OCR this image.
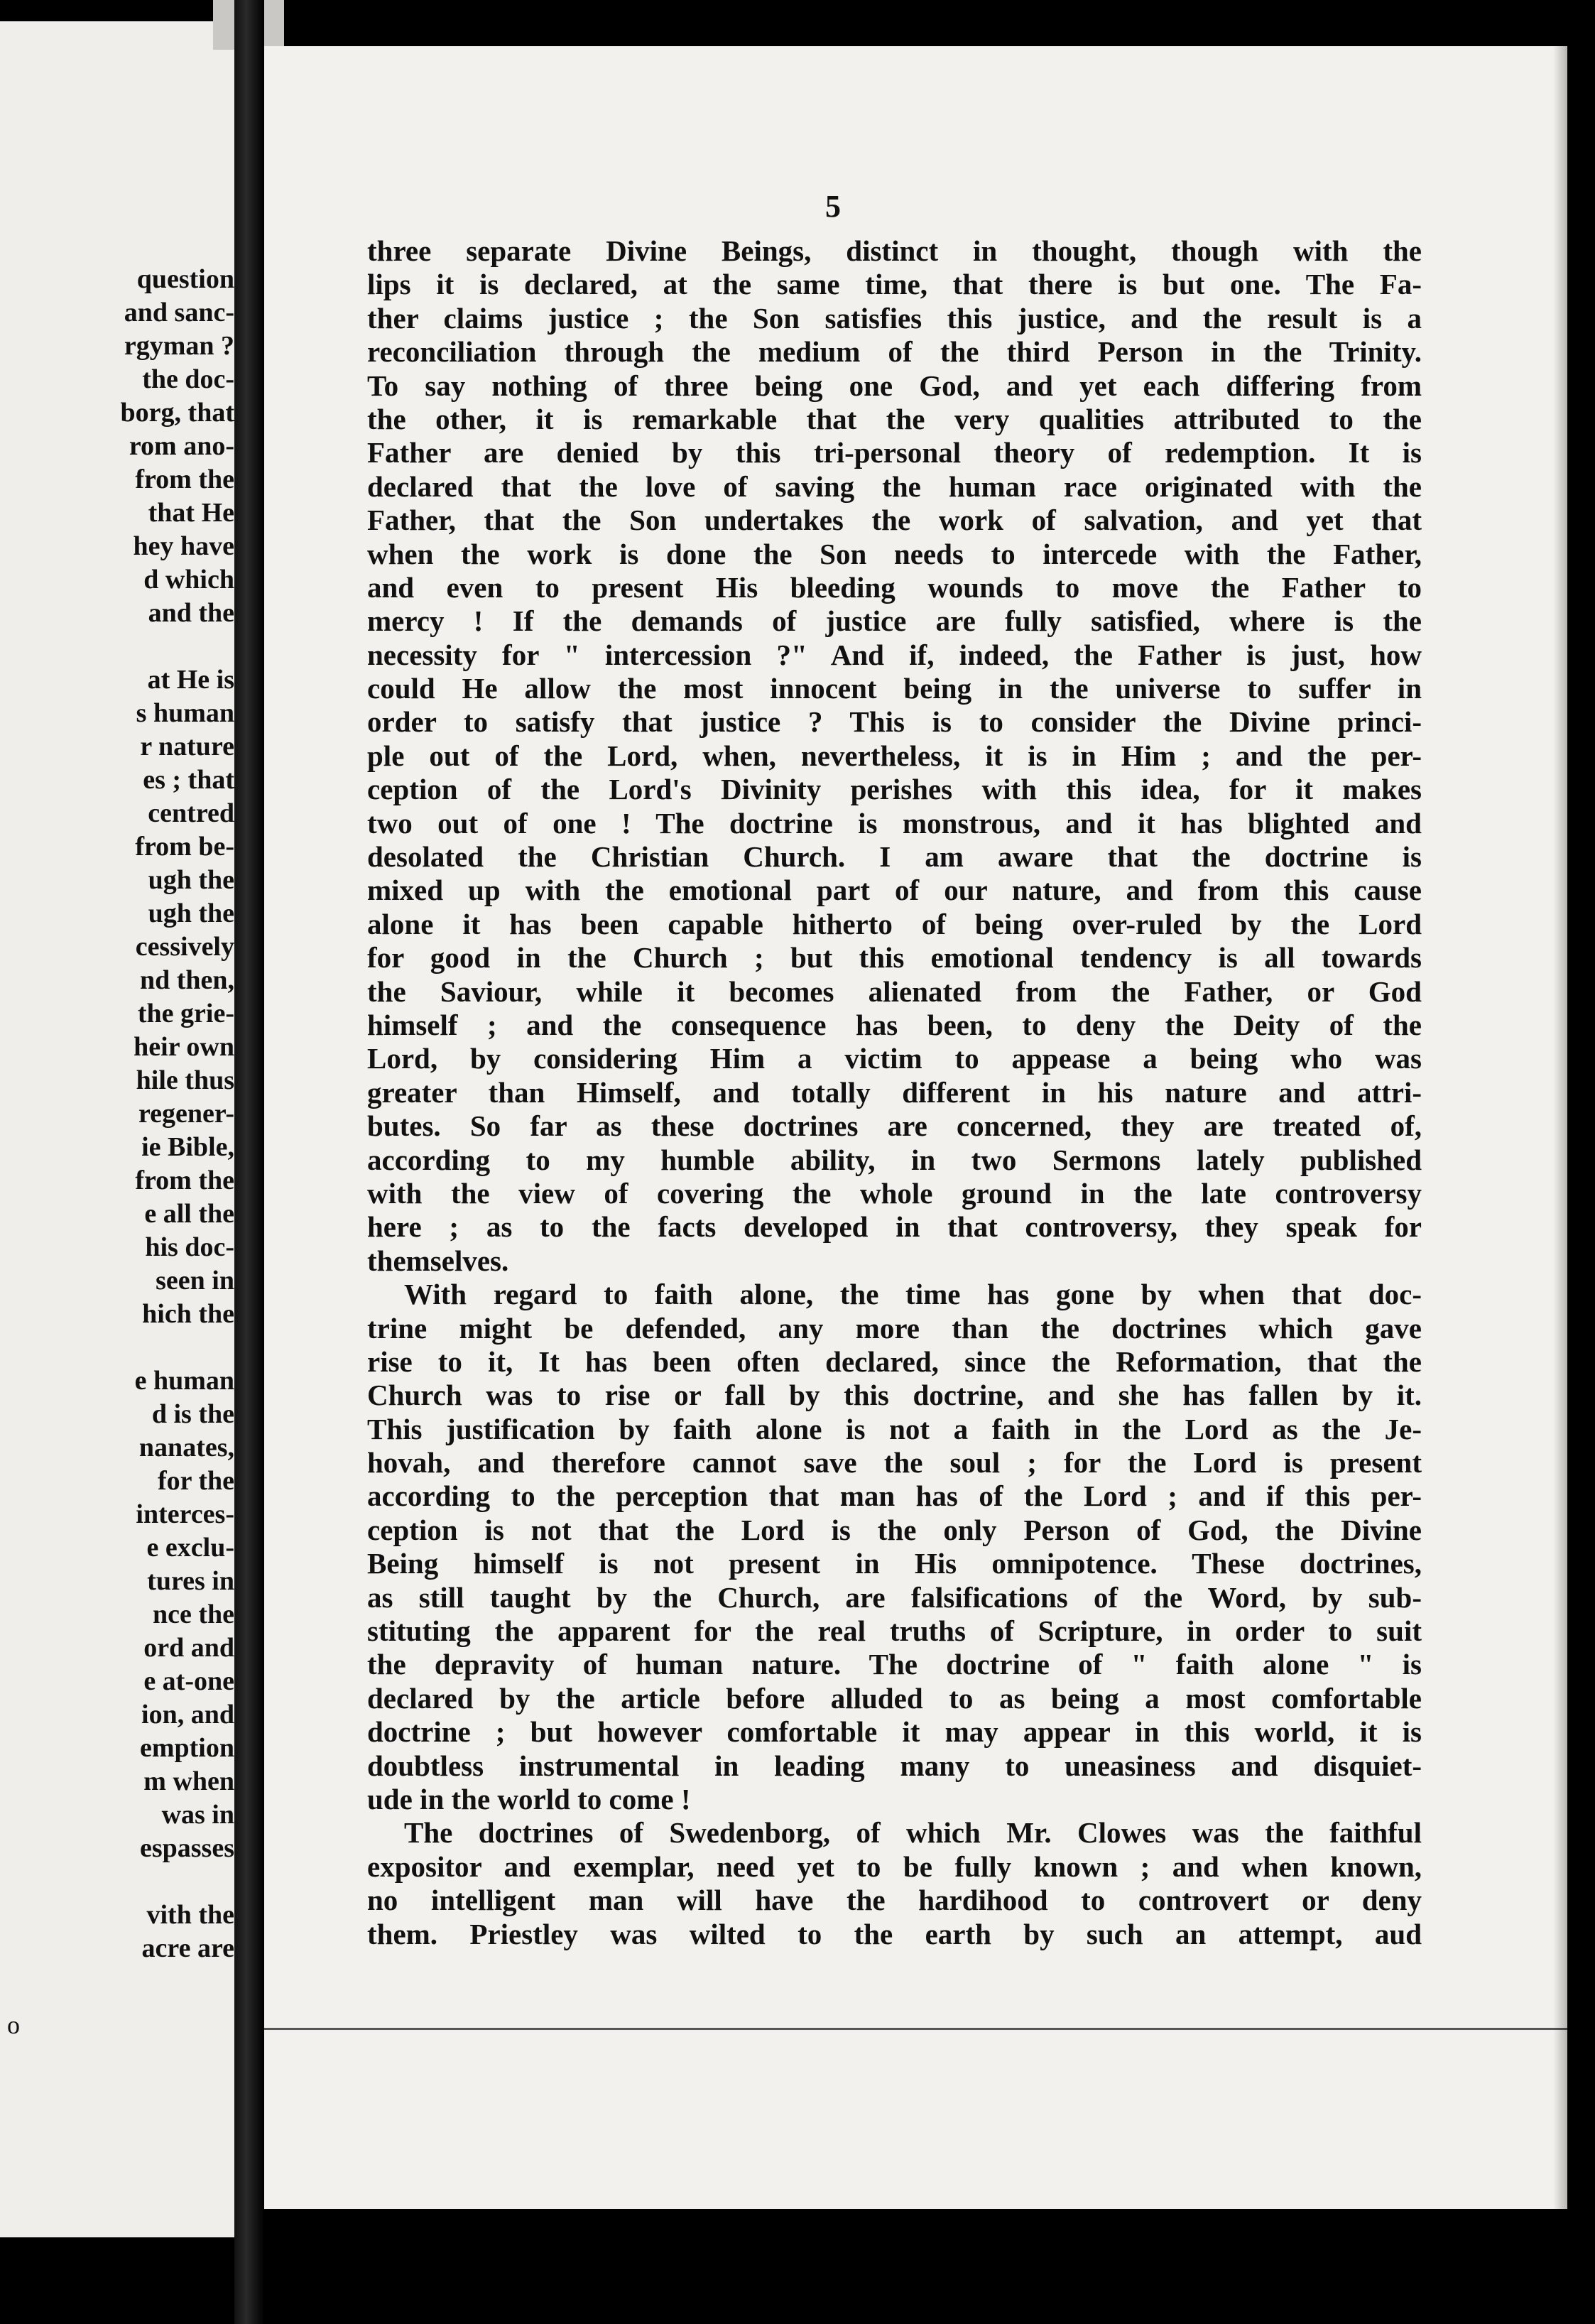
question
and sanc-
rgyman ?
the doc-
borg, that
rom ano-
from the
that He
hey have
d which
and the
at He is
s human
r nature
es ; that
centred
from be-
ugh the
ugh the
cessively
nd then,
the grie-
heir own
hile thus
regener-
ie Bible,
from the
e all the
his doc-
seen in
hich the
e human
d is the
nanates,
for the
interces-
e exclu-
tures in
nce the
ord and
e at-one
ion, and
emption
m when
was in
espasses
vith the
acre are
o
5
three separate Divine Beings, distinct in thought, though with the
lips it is declared, at the same time, that there is but one. The Fa-
ther claims justice ; the Son satisfies this justice, and the result is a
reconciliation through the medium of the third Person in the Trinity.
To say nothing of three being one God, and yet each differing from
the other, it is remarkable that the very qualities attributed to the
Father are denied by this tri-personal theory of redemption. It is
declared that the love of saving the human race originated with the
Father, that the Son undertakes the work of salvation, and yet that
when the work is done the Son needs to intercede with the Father,
and even to present His bleeding wounds to move the Father to
mercy ! If the demands of justice are fully satisfied, where is the
necessity for " intercession ?" And if, indeed, the Father is just, how
could He allow the most innocent being in the universe to suffer in
order to satisfy that justice ? This is to consider the Divine princi-
ple out of the Lord, when, nevertheless, it is in Him ; and the per-
ception of the Lord's Divinity perishes with this idea, for it makes
two out of one ! The doctrine is monstrous, and it has blighted and
desolated the Christian Church. I am aware that the doctrine is
mixed up with the emotional part of our nature, and from this cause
alone it has been capable hitherto of being over-ruled by the Lord
for good in the Church ; but this emotional tendency is all towards
the Saviour, while it becomes alienated from the Father, or God
himself ; and the consequence has been, to deny the Deity of the
Lord, by considering Him a victim to appease a being who was
greater than Himself, and totally different in his nature and attri-
butes. So far as these doctrines are concerned, they are treated of,
according to my humble ability, in two Sermons lately published
with the view of covering the whole ground in the late controversy
here ; as to the facts developed in that controversy, they speak for
themselves.
With regard to faith alone, the time has gone by when that doc-
trine might be defended, any more than the doctrines which gave
rise to it, It has been often declared, since the Reformation, that the
Church was to rise or fall by this doctrine, and she has fallen by it.
This justification by faith alone is not a faith in the Lord as the Je-
hovah, and therefore cannot save the soul ; for the Lord is present
according to the perception that man has of the Lord ; and if this per-
ception is not that the Lord is the only Person of God, the Divine
Being himself is not present in His omnipotence. These doctrines,
as still taught by the Church, are falsifications of the Word, by sub-
stituting the apparent for the real truths of Scripture, in order to suit
the depravity of human nature. The doctrine of " faith alone " is
declared by the article before alluded to as being a most comfortable
doctrine ; but however comfortable it may appear in this world, it is
doubtless instrumental in leading many to uneasiness and disquiet-
ude in the world to come !
The doctrines of Swedenborg, of which Mr. Clowes was the faithful
expositor and exemplar, need yet to be fully known ; and when known,
no intelligent man will have the hardihood to controvert or deny
them. Priestley was wilted to the earth by such an attempt, aud
